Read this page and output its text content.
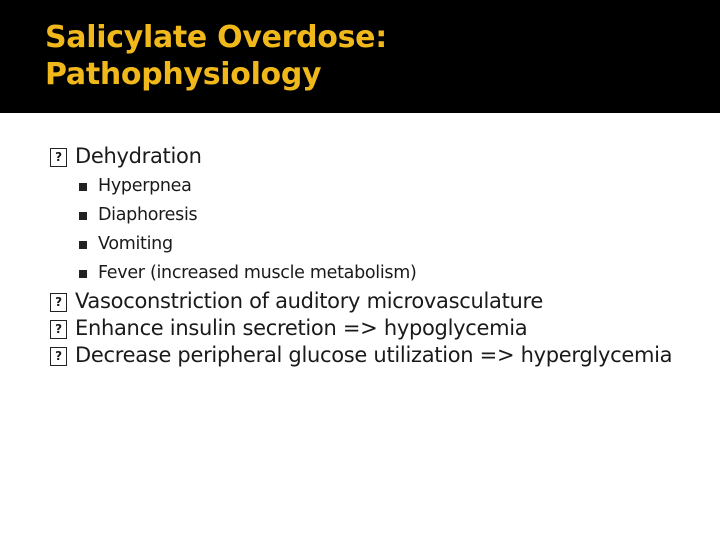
Salicylate Overdose:
Pathophysiology
? Dehydration
Hyperpnea
Diaphoresis
Vomiting
Fever (increased muscle metabolism)
? Vasoconstriction of auditory microvasculature
? Enhance insulin secretion => hypoglycemia
? Decrease peripheral glucose utilization => hyperglycemia
